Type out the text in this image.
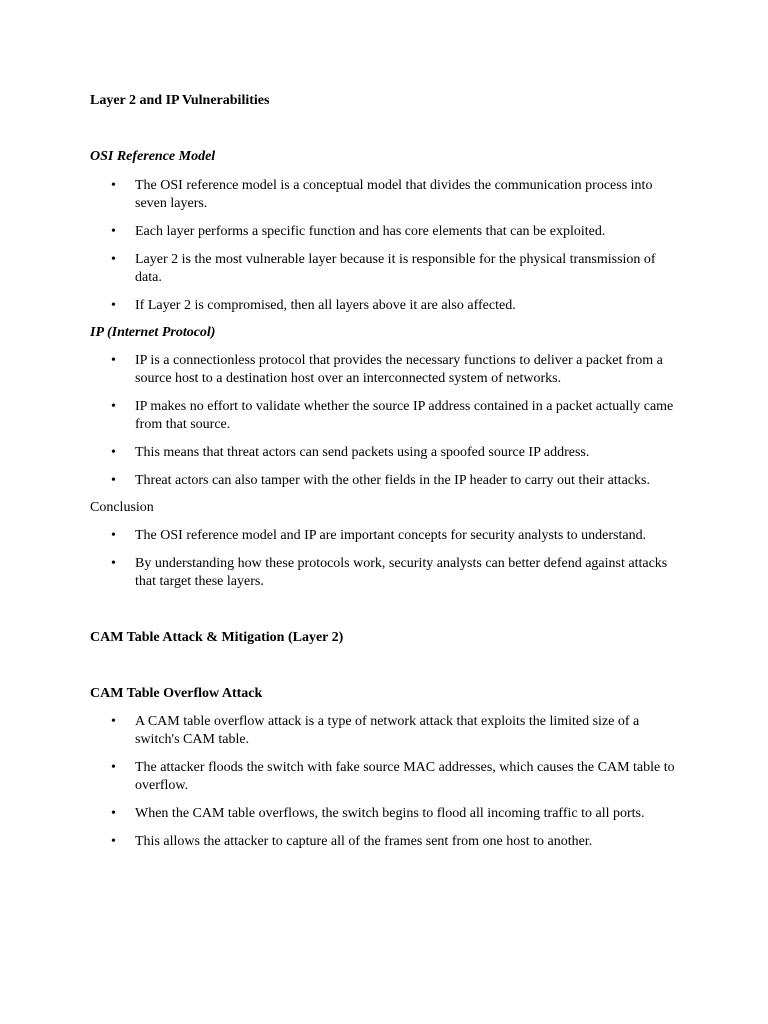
Layer 2 and IP Vulnerabilities

OSI Reference Model

• The OSI reference model is a conceptual model that divides the communication process into seven layers.
• Each layer performs a specific function and has core elements that can be exploited.
• Layer 2 is the most vulnerable layer because it is responsible for the physical transmission of data.
• If Layer 2 is compromised, then all layers above it are also affected.

IP (Internet Protocol)

• IP is a connectionless protocol that provides the necessary functions to deliver a packet from a source host to a destination host over an interconnected system of networks.
• IP makes no effort to validate whether the source IP address contained in a packet actually came from that source.
• This means that threat actors can send packets using a spoofed source IP address.
• Threat actors can also tamper with the other fields in the IP header to carry out their attacks.

Conclusion

• The OSI reference model and IP are important concepts for security analysts to understand.
• By understanding how these protocols work, security analysts can better defend against attacks that target these layers.

CAM Table Attack & Mitigation (Layer 2)

CAM Table Overflow Attack

• A CAM table overflow attack is a type of network attack that exploits the limited size of a switch's CAM table.
• The attacker floods the switch with fake source MAC addresses, which causes the CAM table to overflow.
• When the CAM table overflows, the switch begins to flood all incoming traffic to all ports.
• This allows the attacker to capture all of the frames sent from one host to another.
